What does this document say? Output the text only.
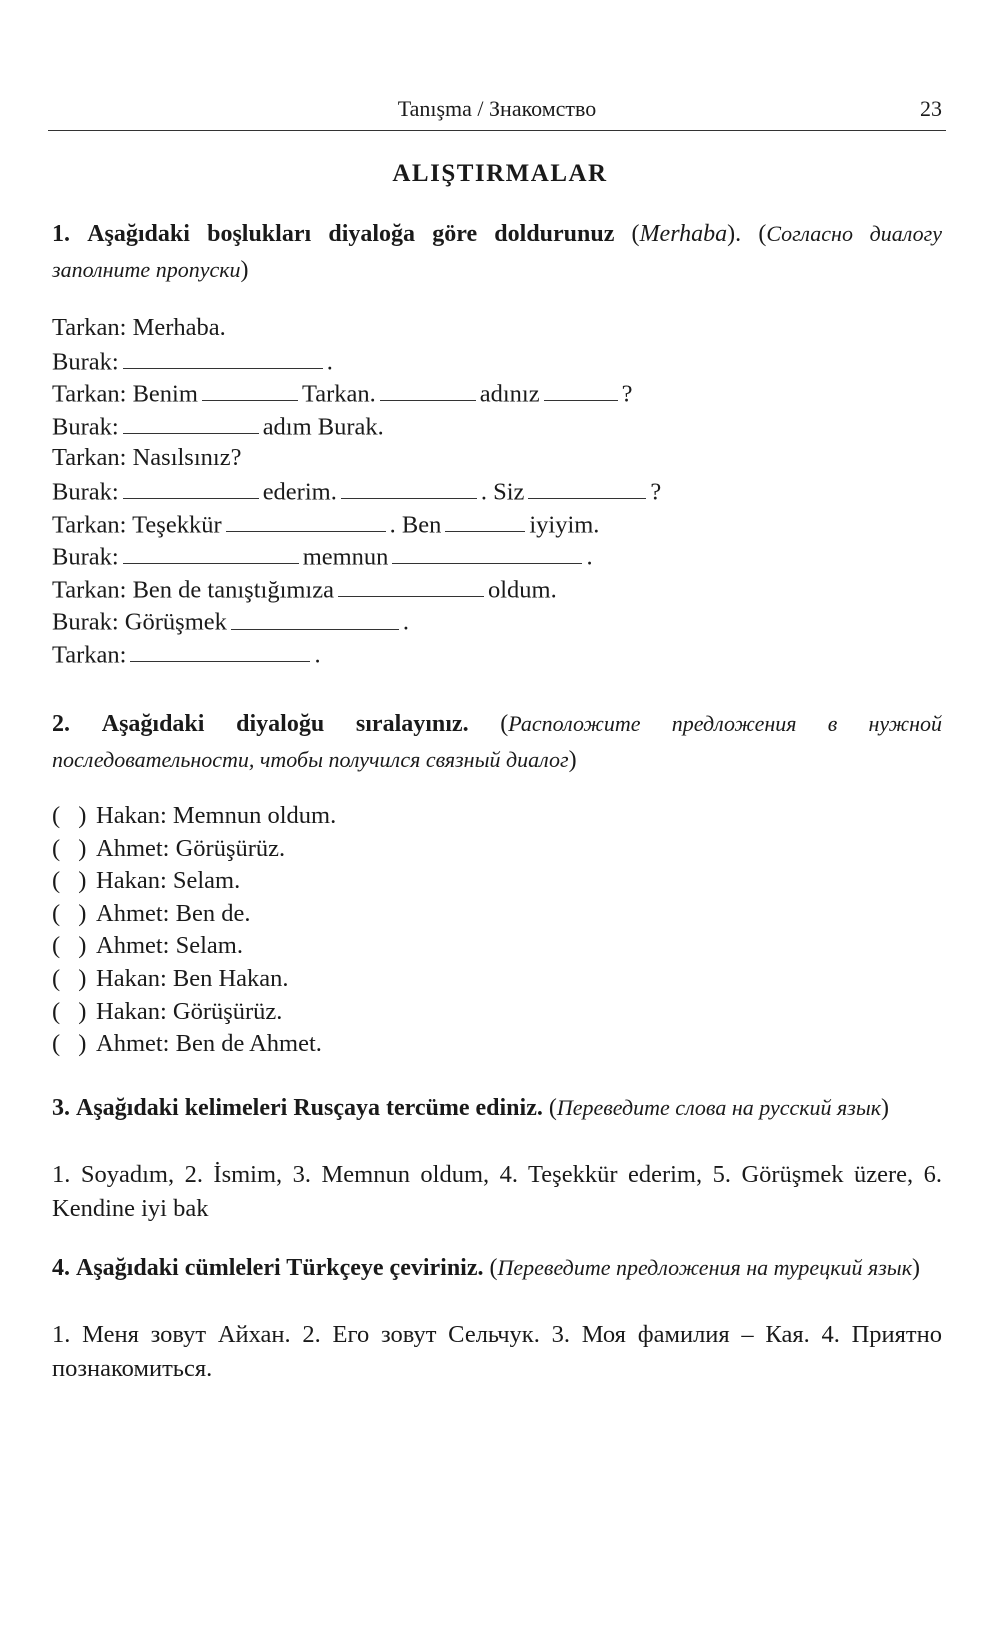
Tanışma / Знакомство	23
ALIŞTIRMALAR
1. Aşağıdaki boşlukları diyaloğa göre doldurunuz (Merhaba). (Согласно диалогу заполните пропуски)
Tarkan: Merhaba.
Burak:	.
Tarkan: Benim	Tarkan.	adınız	?
Burak:	adım Burak.
Tarkan: Nasılsınız?
Burak:	ederim.	. Siz	?
Tarkan: Teşekkür	. Ben	iyiyim.
Burak:	memnun	.
Tarkan: Ben de tanıştığımıza	oldum.
Burak: Görüşmek	.
Tarkan:	.
2. Aşağıdaki diyaloğu sıralayınız. (Расположите предложения в нужной последовательности, чтобы получился связный диалог)
( ) Hakan: Memnun oldum.
( ) Ahmet: Görüşürüz.
( ) Hakan: Selam.
( ) Ahmet: Ben de.
( ) Ahmet: Selam.
( ) Hakan: Ben Hakan.
( ) Hakan: Görüşürüz.
( ) Ahmet: Ben de Ahmet.
3. Aşağıdaki kelimeleri Rusçaya tercüme ediniz. (Переведите слова на русский язык)
1. Soyadım, 2. İsmim, 3. Memnun oldum, 4. Teşekkür ederim, 5. Görüşmek üzere, 6. Kendine iyi bak
4. Aşağıdaki cümleleri Türkçeye çeviriniz. (Переведите предложения на турецкий язык)
1. Меня зовут Айхан. 2. Его зовут Сельчук. 3. Моя фамилия – Кая. 4. Приятно познакомиться.
